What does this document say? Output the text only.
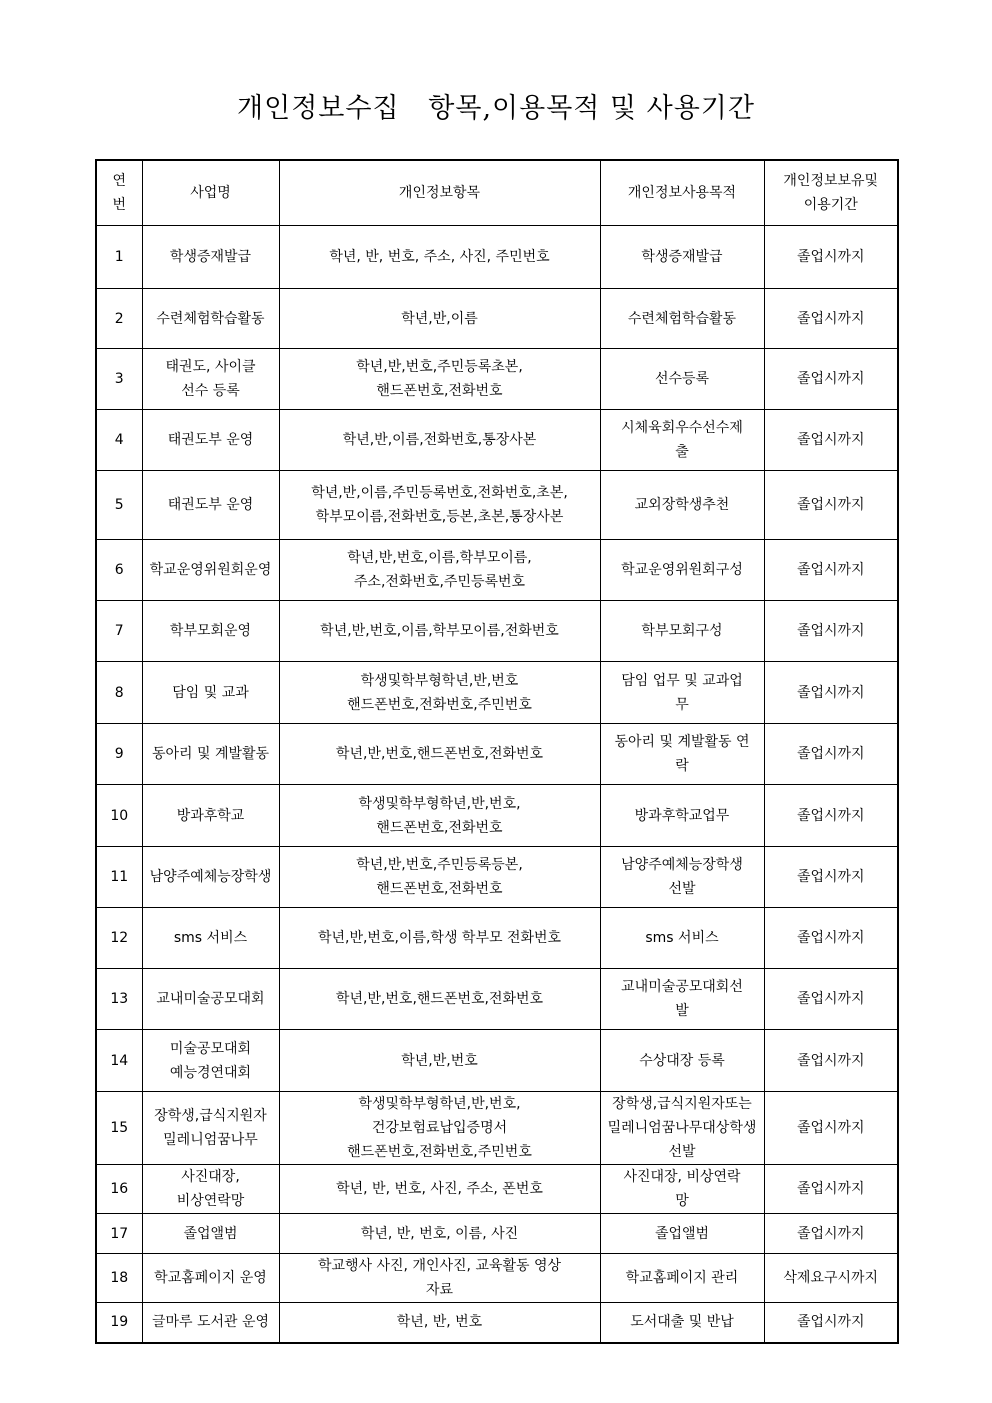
개인정보수집   항목,이용목적 및 사용기간
연
번	사업명	개인정보항목	개인정보사용목적	개인정보보유및
이용기간
1	학생증재발급	학년, 반, 번호, 주소, 사진, 주민번호	학생증재발급	졸업시까지
2	수련체험학습활동	학년,반,이름	수련체험학습활동	졸업시까지
3	태권도, 사이클
선수 등록	학년,반,번호,주민등록초본,
핸드폰번호,전화번호	선수등록	졸업시까지
4	태권도부 운영	학년,반,이름,전화번호,통장사본	시체육회우수선수제
출	졸업시까지
5	태권도부 운영	학년,반,이름,주민등록번호,전화번호,초본,
학부모이름,전화번호,등본,초본,통장사본	교외장학생추천	졸업시까지
6	학교운영위원회운영	학년,반,번호,이름,학부모이름,
주소,전화번호,주민등록번호	학교운영위원회구성	졸업시까지
7	학부모회운영	학년,반,번호,이름,학부모이름,전화번호	학부모회구성	졸업시까지
8	담임 및 교과	학생및학부형학년,반,번호
핸드폰번호,전화번호,주민번호	담임 업무 및 교과업
무	졸업시까지
9	동아리 및 계발활동	학년,반,번호,핸드폰번호,전화번호	동아리 및 계발활동 연
락	졸업시까지
10	방과후학교	학생및학부형학년,반,번호,
핸드폰번호,전화번호	방과후학교업무	졸업시까지
11	남양주예체능장학생	학년,반,번호,주민등록등본,
핸드폰번호,전화번호	남양주예체능장학생
선발	졸업시까지
12	sms 서비스	학년,반,번호,이름,학생 학부모 전화번호	sms 서비스	졸업시까지
13	교내미술공모대회	학년,반,번호,핸드폰번호,전화번호	교내미술공모대회선
발	졸업시까지
14	미술공모대회
예능경연대회	학년,반,번호	수상대장 등록	졸업시까지
15	장학생,급식지원자
밀레니엄꿈나무	학생및학부형학년,반,번호,
건강보험료납입증명서
핸드폰번호,전화번호,주민번호	장학생,급식지원자또는
밀레니엄꿈나무대상학생
선발	졸업시까지
16	사진대장, 비상연락망	학년, 반, 번호, 사진, 주소, 폰번호	사진대장, 비상연락
망	졸업시까지
17	졸업앨범	학년, 반, 번호, 이름, 사진	졸업앨범	졸업시까지
18	학교홈페이지 운영	학교행사 사진, 개인사진, 교육활동 영상
자료	학교홈페이지 관리	삭제요구시까지
19	글마루 도서관 운영	학년, 반, 번호	도서대출 및 반납	졸업시까지
